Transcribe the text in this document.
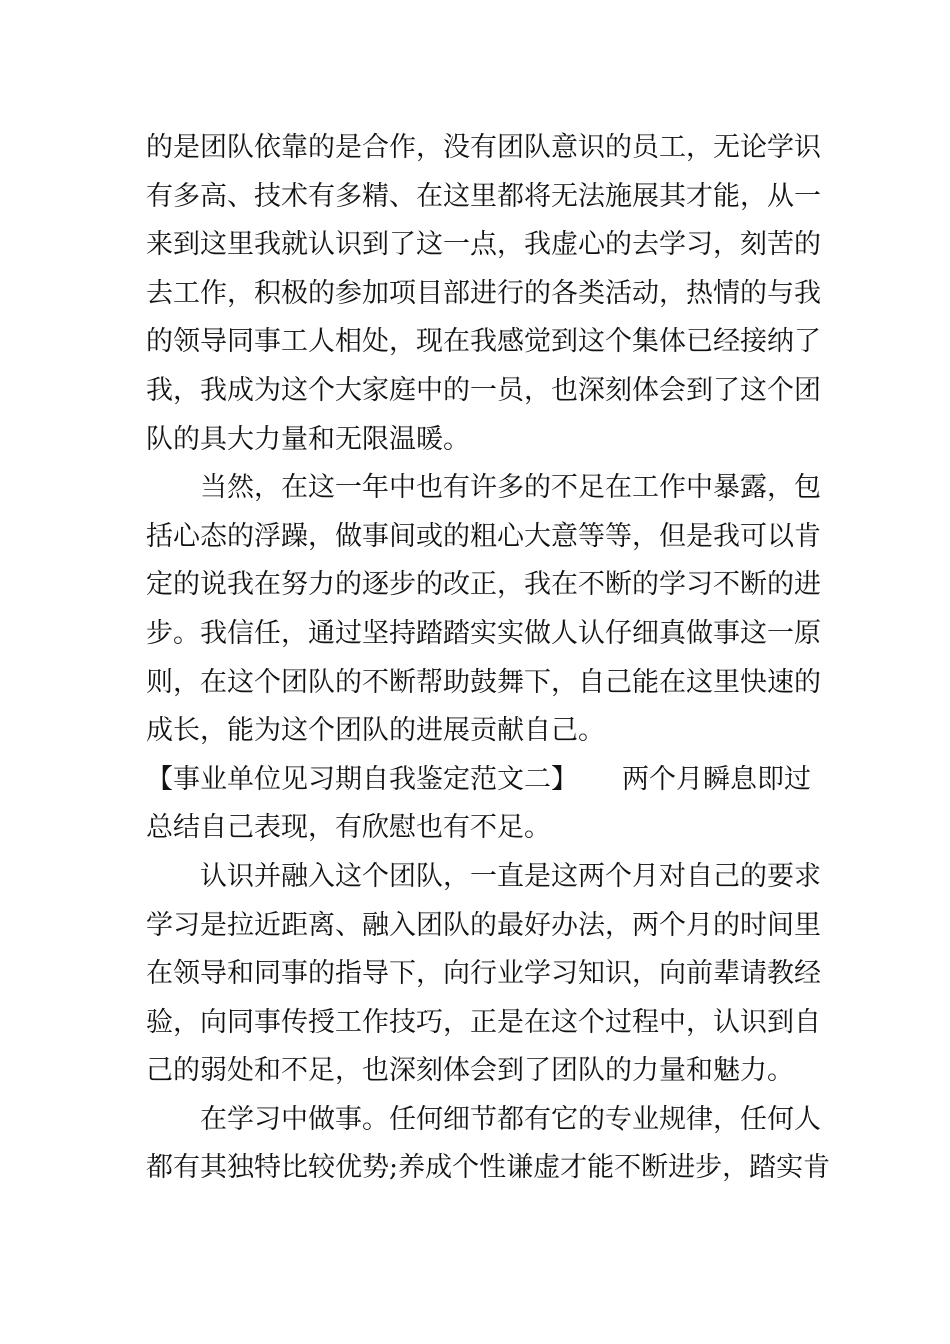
的是团队依靠的是合作，没有团队意识的员工，无论学识
有多高、技术有多精、在这里都将无法施展其才能，从一
来到这里我就认识到了这一点，我虚心的去学习，刻苦的
去工作，积极的参加项目部进行的各类活动，热情的与我
的领导同事工人相处，现在我感觉到这个集体已经接纳了
我，我成为这个大家庭中的一员，也深刻体会到了这个团
队的具大力量和无限温暖。
当然，在这一年中也有许多的不足在工作中暴露，包
括心态的浮躁，做事间或的粗心大意等等，但是我可以肯
定的说我在努力的逐步的改正，我在不断的学习不断的进
步。我信任，通过坚持踏踏实实做人认仔细真做事这一原
则，在这个团队的不断帮助鼓舞下，自己能在这里快速的
成长，能为这个团队的进展贡献自己。
【事业单位见习期自我鉴定范文二】 两个月瞬息即过
总结自己表现，有欣慰也有不足。
认识并融入这个团队，一直是这两个月对自己的要求
学习是拉近距离、融入团队的最好办法，两个月的时间里
在领导和同事的指导下，向行业学习知识，向前辈请教经
验，向同事传授工作技巧，正是在这个过程中，认识到自
己的弱处和不足，也深刻体会到了团队的力量和魅力。
在学习中做事。任何细节都有它的专业规律，任何人
都有其独特比较优势;养成个性谦虚才能不断进步，踏实肯
